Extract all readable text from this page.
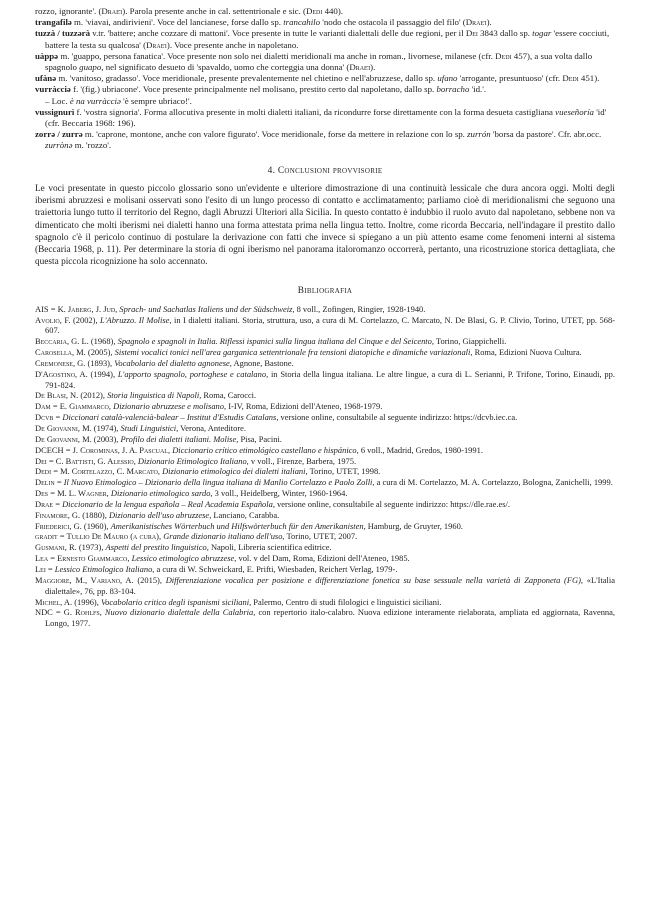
rozzo, ignorante'. (Draeί). Parola presente anche in cal. settentrionale e sic. (Dedi 440).

trangafilə m. 'viavai, andirivieni'. Voce del lancianese, forse dallo sp. trancahilo 'nodo che ostacola il passaggio del filo' (Draeί).

tuzzà / tuzzərà v.tr. 'battere; anche cozzare di mattoni'. Voce presente in tutte le varianti dialettali delle due regioni, per il Dei 3843 dallo sp. togar 'essere cocciuti, battere la testa su qualcosa' (Draeί). Voce presente anche in napoletano.

uàppə m. 'guappo, persona fanatica'. Voce presente non solo nei dialetti meridionali ma anche in roman., livornese, milanese (cfr. Dedi 457), a sua volta dallo spagnolo guapo, nel significato desueto di 'spavaldo, uomo che corteggia una donna' (Draeί).

ufànə m. 'vanitoso, gradasso'. Voce meridionale, presente prevalentemente nel chietino e nell'abruzzese, dallo sp. ufano 'arrogante, presuntuoso' (cfr. Dedi 451).

vurràcciə f. '(fig.) ubriacone'. Voce presente principalmente nel molisano, prestito certo dal napoletano, dallo sp. borracho 'id.'.

– Loc. è na vurràcciə 'è sempre ubriaco!'.

vussignurì f. 'vostra signoria'. Forma allocutiva presente in molti dialetti italiani, da ricondurre forse direttamente con la forma desueta castigliana vuesеñoría 'id' (cfr. Beccaria 1968: 196).

zorrə / zurrə m. 'caprone, montone, anche con valore figurato'. Voce meridionale, forse da mettere in relazione con lo sp. zurrón 'borsa da pastore'. Cfr. abr.occ. zurrònə m. 'rozzo'.

4. Conclusioni provvisorie

Le voci presentate in questo piccolo glossario sono un'evidente e ulteriore dimostrazione di una continuità lessicale che dura ancora oggi. Molti degli iberismi abruzzesi e molisani osservati sono l'esito di un lungo processo di contatto e acclimatamento; parliamo cioè di meridionalismi che seguono una traiettoria lungo tutto il territorio del Regno, dagli Abruzzi Ulteriori alla Sicilia. In questo contatto è indubbio il ruolo avuto dal napoletano, sebbene non va dimenticato che molti iberismi nei dialetti hanno una forma attestata prima nella lingua tetto. Inoltre, come ricorda Beccaria, nell'indagare il prestito dallo spagnolo c'è il pericolo continuo di postulare la derivazione con fatti che invece si spiegano a un più attento esame come fenomeni interni al sistema (Beccaria 1968, p. 11). Per determinare la storia di ogni iberismo nel panorama italoromanzo occorrerà, pertanto, una ricostruzione storica dettagliata, che questa piccola ricognizione ha solo accennato.

Bibliografia

AIS = K. Jaberg, J. Jud, Sprach- und Sachatlas Italiens und der Südschweiz, 8 voll., Zofingen, Ringier, 1928-1940.

Avolio, F. (2002), L'Abruzzo. Il Molise, in I dialetti italiani. Storia, struttura, uso, a cura di M. Cortelazzo, C. Marcato, N. De Blasi, G. P. Clivio, Torino, UTET, pp. 568-607.

Beccaria, G. L. (1968), Spagnolo e spagnoli in Italia. Riflessi ispanici sulla lingua italiana del Cinque e del Seicento, Torino, Giappichelli.

Carosella, M. (2005), Sistemi vocalici tonici nell'area garganica settentrionale fra tensioni diatopiche e dinamiche variazionali, Roma, Edizioni Nuova Cultura.

Cremonese, G. (1893), Vocabolario del dialetto agnonese, Agnone, Bastone.

D'Agostino, A. (1994), L'apporto spagnolo, portoghese e catalano, in Storia della lingua italiana. Le altre lingue, a cura di L. Serianni, P. Trifone, Torino, Einaudi, pp. 791-824.

De Blasi, N. (2012), Storia linguistica di Napoli, Roma, Carocci.

Dam = E. Giammarco, Dizionario abruzzese e molisano, I-IV, Roma, Edizioni dell'Ateneo, 1968-1979.

Dcvb = Diccionari català-valencià-balear – Institut d'Estudis Catalans, versione online, consultabile al seguente indirizzo: https://dcvb.iec.ca.

De Giovanni, M. (1974), Studi Linguistici, Verona, Anteditore.

De Giovanni, M. (2003), Profilo dei dialetti italiani. Molise, Pisa, Pacini.

DCECH = J. Corominas, J. A. Pascual, Diccionario crítico etimológico castellano e hispánico, 6 voll., Madrid, Gredos, 1980-1991.

Dei = C. Battisti, G. Alessio, Dizionario Etimologico Italiano, v voll., Firenze, Barbera, 1975.

Dedi = M. Cortelazzo, C. Marcato, Dizionario etimologico dei dialetti italiani, Torino, UTET, 1998.

Delin = Il Nuovo Etimologico – Dizionario della lingua italiana di Manlio Cortelazzo e Paolo Zolli, a cura di M. Cortelazzo, M. A. Cortelazzo, Bologna, Zanichelli, 1999.

Des = M. L. Wagner, Dizionario etimologico sardo, 3 voll., Heidelberg, Winter, 1960-1964.

Drae = Diccionario de la lengua española – Real Academia Española, versione online, consultabile al seguente indirizzo: https://dle.rae.es/.

Finamore, G. (1880), Dizionario dell'uso abruzzese, Lanciano, Carabba.

Friederici, G. (1960), Amerikanistisches Wörterbuch und Hilfswörterbuch für den Amerikanisten, Hamburg, de Gruyter, 1960.

gradit = Tullio De Mauro (a cura), Grande dizionario italiano dell'uso, Torino, UTET, 2007.

Gusmani, R. (1973), Aspetti del prestito linguistico, Napoli, Libreria scientifica editrice.

Lea = Ernesto Giammarco, Lessico etimologico abruzzese, vol. v del Dam, Roma, Edizioni dell'Ateneo, 1985.

Lei = Lessico Etimologico Italiano, a cura di W. Schweickard, E. Prifti, Wiesbaden, Reichert Verlag, 1979-.

Maggiore, M., Variano, A. (2015), Differenziazione vocalica per posizione e differenziazione fonetica su base sessuale nella varietà di Zapponeta (FG), «L'Italia dialettale», 76, pp. 83-104.

Michel, A. (1996), Vocabolario critico degli ispanismi siciliani, Palermo, Centro di studi filologici e linguistici siciliani.

NDC = G. Rohlfs, Nuovo dizionario dialettale della Calabria, con repertorio italo-calabro. Nuova edizione interamente rielaborata, ampliata ed aggiornata, Ravenna, Longo, 1977.
